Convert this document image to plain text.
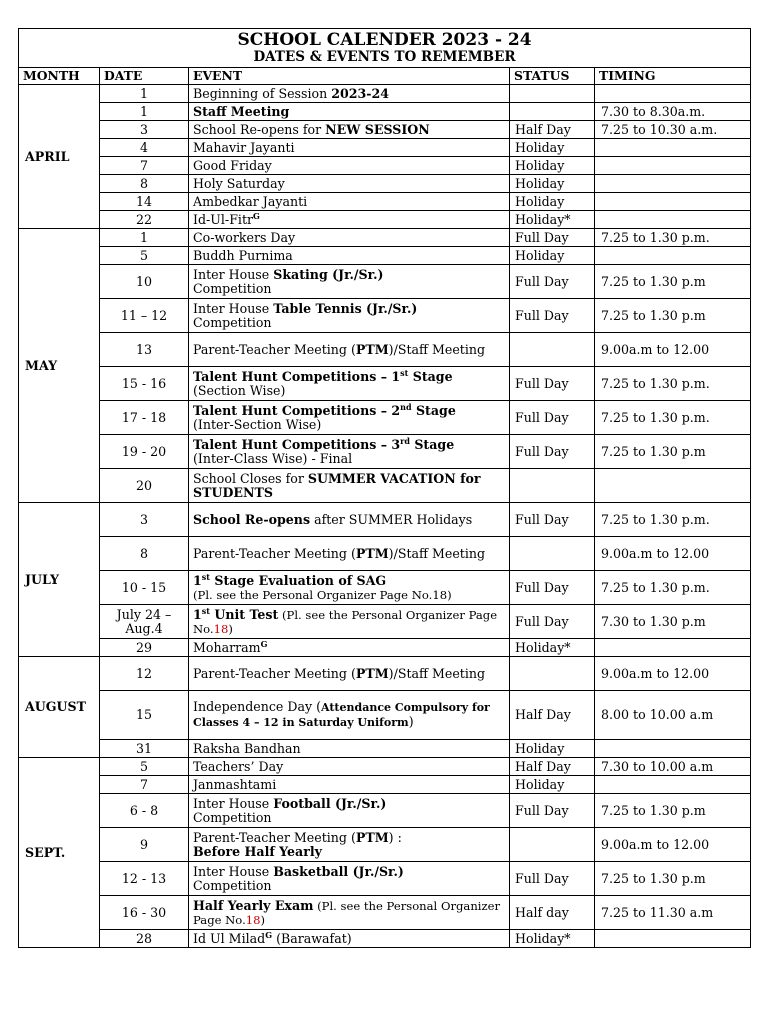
SCHOOL CALENDER 2023 - 24
DATES & EVENTS TO REMEMBER				

MONTH	DATE	EVENT	STATUS	TIMING
APRIL	1	Beginning of Session 2023-24		
	1	Staff Meeting		7.30 to 8.30a.m.
	3	School Re-opens for NEW SESSION	Half Day	7.25 to 10.30 a.m.
	4	Mahavir Jayanti	Holiday	
	7	Good Friday	Holiday	
	8	Holy Saturday	Holiday	
	14	Ambedkar Jayanti	Holiday	
	22	Id-Ul-Fitr$^G$	Holiday*	
MAY	1	Co-workers Day	Full Day	7.25 to 1.30 p.m.
	5	Buddh Purnima	Holiday	
	10	Inter House Skating (Jr./Sr.)
Competition	Full Day	7.25 to 1.30 p.m
	11 – 12	Inter House Table Tennis (Jr./Sr.)
Competition	Full Day	7.25 to 1.30 p.m
	13	Parent-Teacher Meeting (PTM)/Staff Meeting		9.00a.m to 12.00
	15 - 16	Talent Hunt Competitions – 1st Stage
(Section Wise)	Full Day	7.25 to 1.30 p.m.
	17 - 18	Talent Hunt Competitions – 2nd Stage
(Inter-Section Wise)	Full Day	7.25 to 1.30 p.m.
	19 - 20	Talent Hunt Competitions – 3rd Stage
(Inter-Class Wise) - Final	Full Day	7.25 to 1.30 p.m
	20	School Closes for SUMMER VACATION for STUDENTS		
JULY	3	School Re-opens after SUMMER Holidays	Full Day	7.25 to 1.30 p.m.
	8	Parent-Teacher Meeting (PTM)/Staff Meeting		9.00a.m to 12.00
	10 - 15	1st Stage Evaluation of SAG
(Pl. see the Personal Organizer Page No.18)	Full Day	7.25 to 1.30 p.m.
	July 24 – Aug.4	1st Unit Test (Pl. see the Personal Organizer Page No.18)	Full Day	7.30 to 1.30 p.m
	29	Moharram$^G$	Holiday*	
AUGUST	12	Parent-Teacher Meeting (PTM)/Staff Meeting		9.00a.m to 12.00
	15	Independence Day (Attendance Compulsory for Classes 4 – 12 in Saturday Uniform)	Half Day	8.00 to 10.00 a.m
	31	Raksha Bandhan	Holiday	
SEPT.	5	Teachers’ Day	Half Day	7.30 to 10.00 a.m
	7	Janmashtami	Holiday	
	6 - 8	Inter House Football (Jr./Sr.)
Competition	Full Day	7.25 to 1.30 p.m
	9	Parent-Teacher Meeting (PTM) :
Before Half Yearly		9.00a.m to 12.00
	12 - 13	Inter House Basketball (Jr./Sr.)
Competition	Full Day	7.25 to 1.30 p.m
	16 - 30	Half Yearly Exam (Pl. see the Personal Organizer Page No.18)	Half day	7.25 to 11.30 a.m
	28	Id Ul Milad$^G$ (Barawafat)	Holiday*	
